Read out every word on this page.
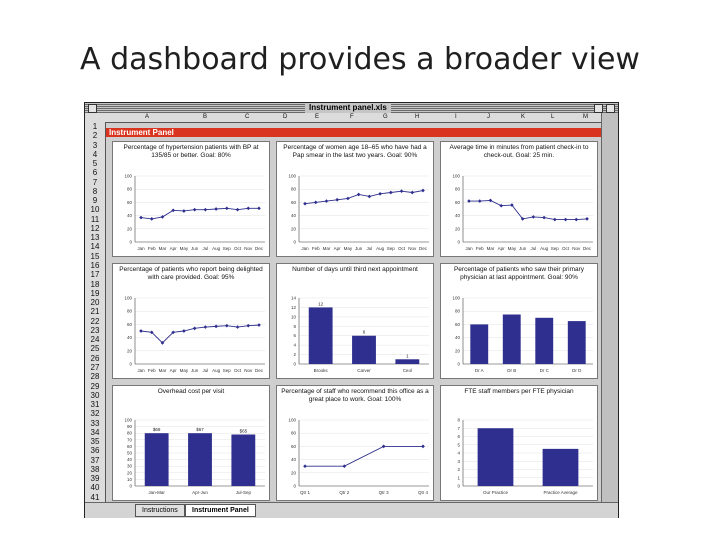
A dashboard provides a broader view
Instrument panel.xls
A	B	C	D	E	F	G	H	I	J	K	L	M
1
2
3
4
5
6
7
8
9
10
11
12
13
14
15
16
17
18
19
20
21
22
23
24
25
26
27
28
29
30
31
32
33
34
35
36
37
38
39
40
41
Instrument Panel
Percentage of hypertension patients with BP at 135/85 or better. Goal: 80%
0
20
40
60
80
100
Jan Feb Mar Apr May Jun Jul Aug Sep Oct Nov Dec
Percentage of women age 18–65 who have had a Pap smear in the last two years. Goal: 90%
0
20
40
60
80
100
Jan Feb Mar Apr May Jun Jul Aug Sep Oct Nov Dec
Average time in minutes from patient check-in to check-out. Goal: 25 min.
0
20
40
60
80
100
Jan Feb Mar Apr May Jun Jul Aug Sep Oct Nov Dec
Percentage of patients who report being delighted with care provided. Goal: 95%
0
20
40
60
80
100
Jan Feb Mar Apr May Jun Jul Aug Sep Oct Nov Dec
Number of days until third next appointment
0
2
4
6
8
10
12
14
12
6
1
Brooks	Carver	Ceol
Percentage of patients who saw their primary physician at last appointment. Goal: 90%
0
20
40
60
80
100
Dr A	Dr B	Dr C	Dr D
Overhead cost per visit
0
10
20
30
40
50
60
70
80
90
100
$69	$67	$65
Jan-Mar	Apr-Jun	Jul-Sep
Percentage of staff who recommend this office as a great place to work. Goal: 100%
0
20
40
60
80
100
Qtr 1	Qtr 2	Qtr 3	Qtr 4
FTE staff members per FTE physician
0
1
2
3
4
5
6
7
8
Our Practice	Practice Average
Instructions	Instrument Panel
